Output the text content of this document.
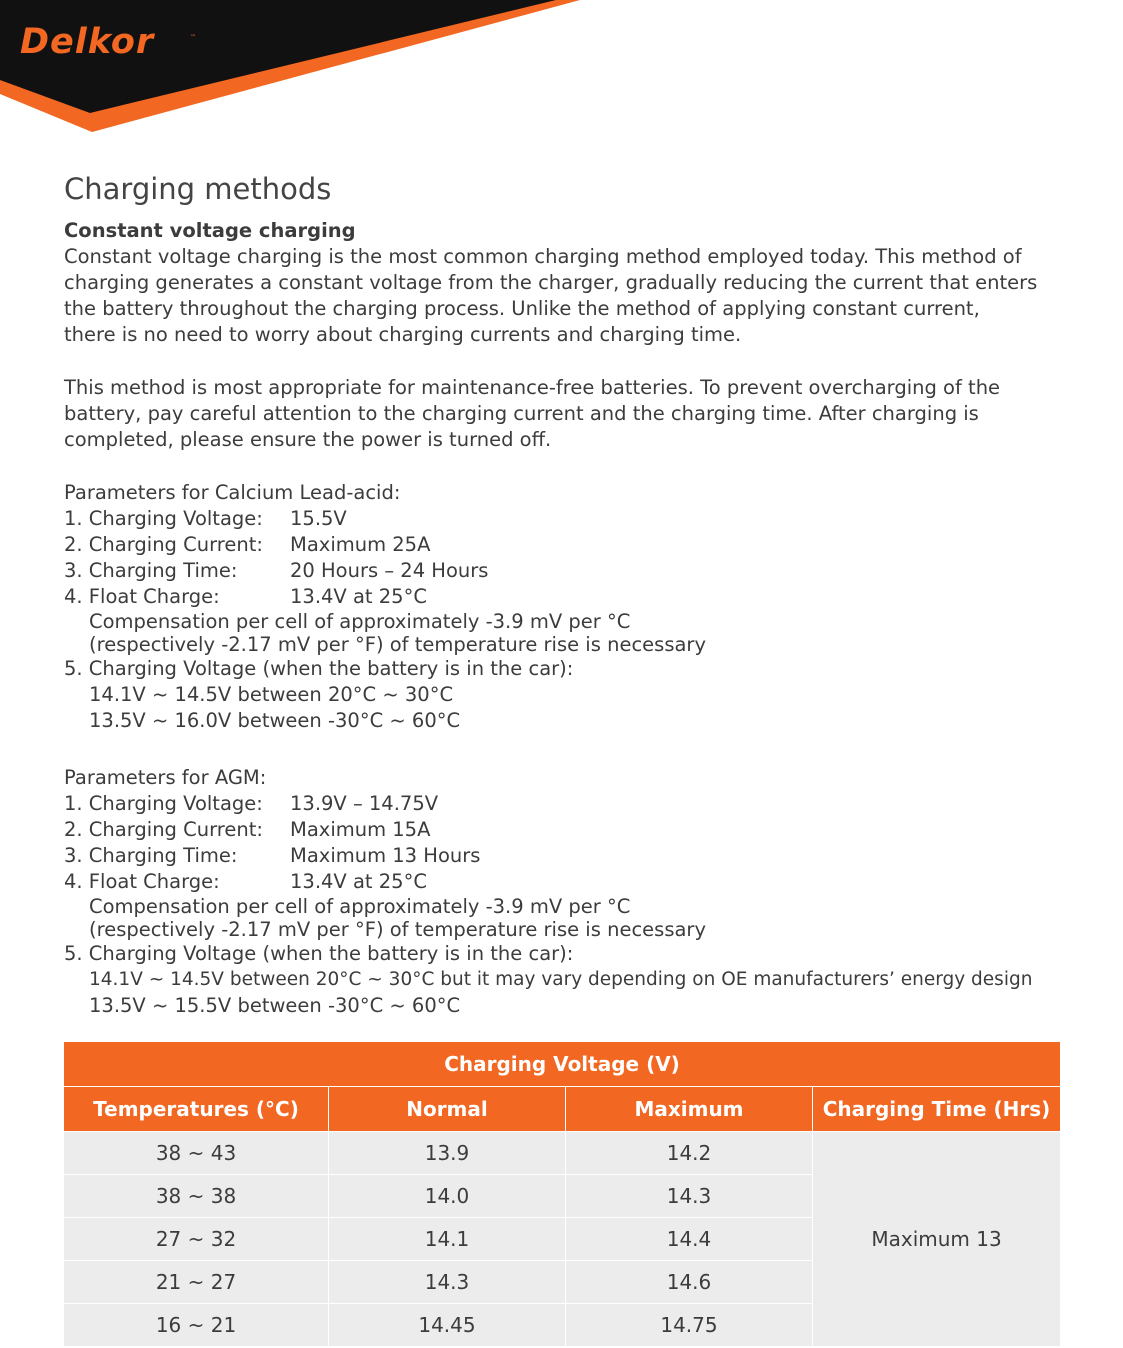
Delkor	™
Charging methods
Constant voltage charging
Constant voltage charging is the most common charging method employed today. This method of
charging generates a constant voltage from the charger, gradually reducing the current that enters
the battery throughout the charging process. Unlike the method of applying constant current,
there is no need to worry about charging currents and charging time.
This method is most appropriate for maintenance-free batteries. To prevent overcharging of the
battery, pay careful attention to the charging current and the charging time. After charging is
completed, please ensure the power is turned off.
Parameters for Calcium Lead-acid:
1. Charging Voltage: 15.5V
2. Charging Current: Maximum 25A
3. Charging Time:	20 Hours – 24 Hours
4. Float Charge:	13.4V at 25°C
Compensation per cell of approximately -3.9 mV per °C
(respectively -2.17 mV per °F) of temperature rise is necessary
5. Charging Voltage (when the battery is in the car):
14.1V ~ 14.5V between 20°C ~ 30°C
13.5V ~ 16.0V between -30°C ~ 60°C
Parameters for AGM:
1. Charging Voltage: 13.9V – 14.75V
2. Charging Current: Maximum 15A
3. Charging Time:	Maximum 13 Hours
4. Float Charge:	13.4V at 25°C
Compensation per cell of approximately -3.9 mV per °C
(respectively -2.17 mV per °F) of temperature rise is necessary
5. Charging Voltage (when the battery is in the car):
14.1V ~ 14.5V between 20°C ~ 30°C but it may vary depending on OE manufacturers’ energy design
13.5V ~ 15.5V between -30°C ~ 60°C
Charging Voltage (V)			
Temperatures (°C)	Normal	Maximum	Charging Time (Hrs)
38 ~ 43	13.9	14.2	Maximum 13
38 ~ 38	14.0	14.3	
27 ~ 32	14.1	14.4	
21 ~ 27	14.3	14.6	
16 ~ 21	14.45	14.75	
